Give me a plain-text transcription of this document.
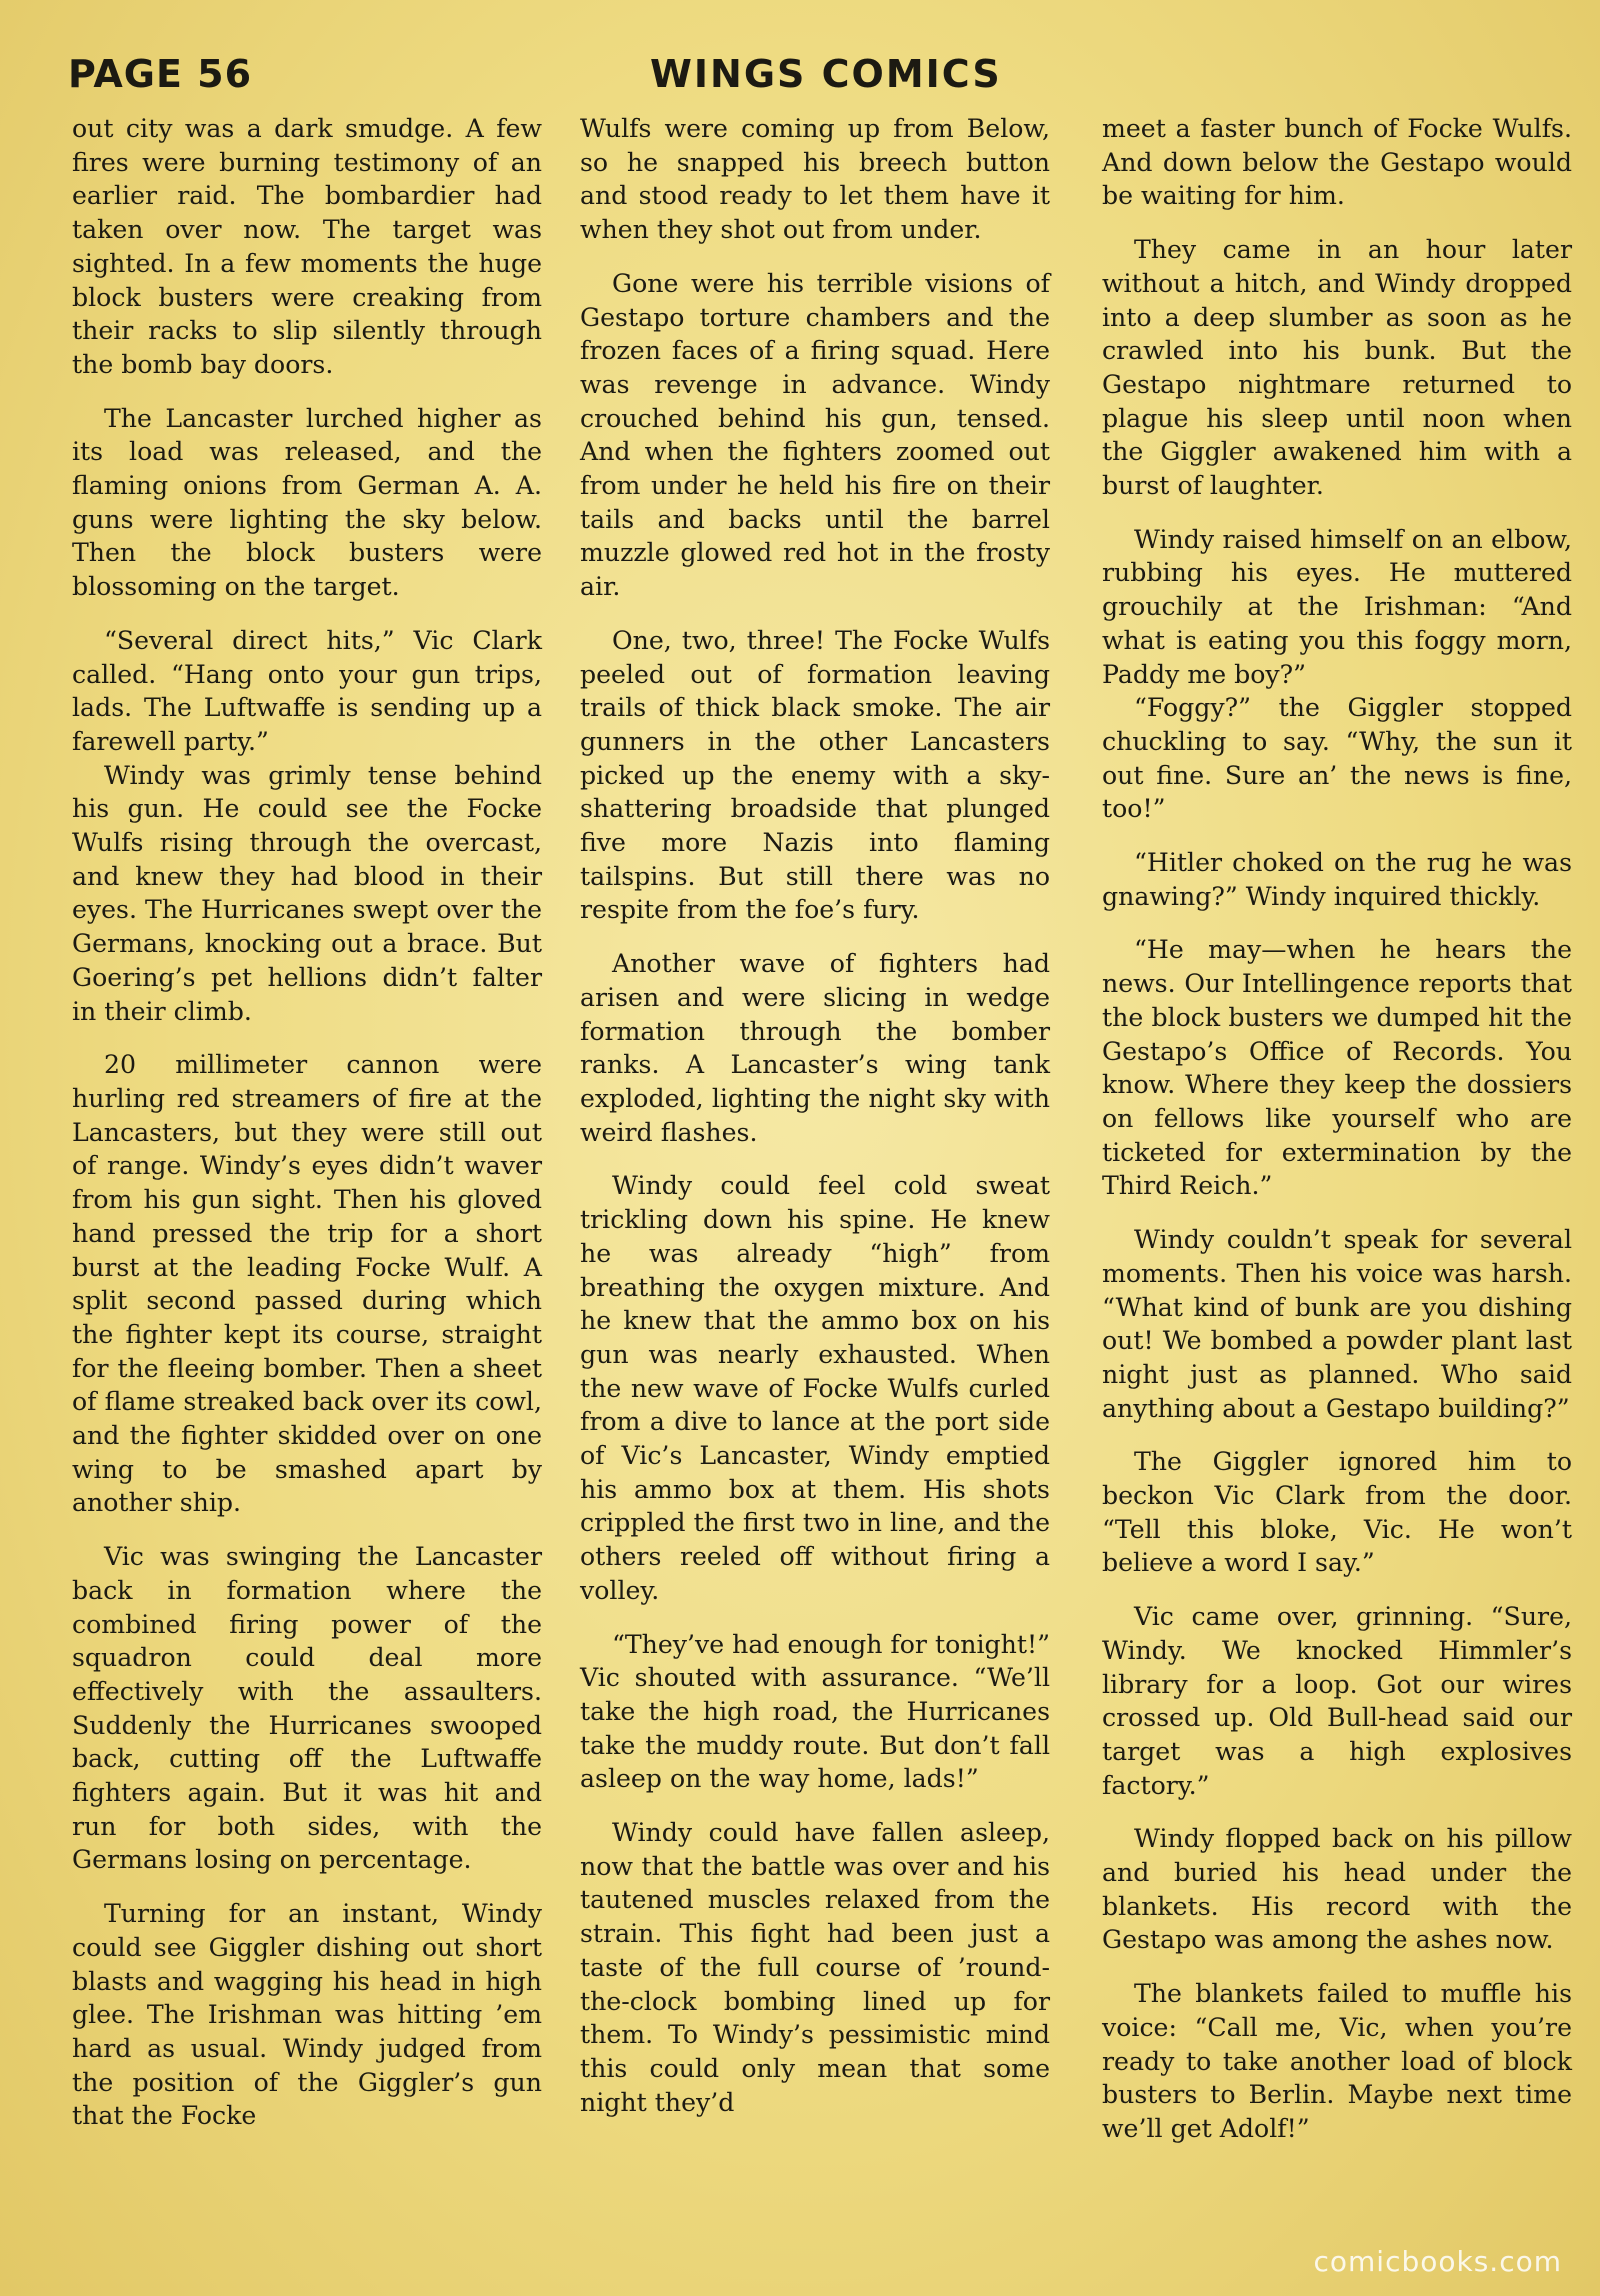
PAGE 56	WINGS COMICS

out city was a dark smudge. A few fires were burning testimony of an earlier raid. The bombardier had taken over now. The target was sighted. In a few moments the huge block busters were creaking from their racks to slip silently through the bomb bay doors.

The Lancaster lurched higher as its load was released, and the flaming onions from German A. A. guns were lighting the sky below. Then the block busters were blossoming on the target.

“Several direct hits,” Vic Clark called. “Hang onto your gun trips, lads. The Luftwaffe is sending up a farewell party.”

Windy was grimly tense behind his gun. He could see the Focke Wulfs rising through the overcast, and knew they had blood in their eyes. The Hurricanes swept over the Germans, knocking out a brace. But Goering’s pet hellions didn’t falter in their climb.

20 millimeter cannon were hurling red streamers of fire at the Lancasters, but they were still out of range. Windy’s eyes didn’t waver from his gun sight. Then his gloved hand pressed the trip for a short burst at the leading Focke Wulf. A split second passed during which the fighter kept its course, straight for the fleeing bomber. Then a sheet of flame streaked back over its cowl, and the fighter skidded over on one wing to be smashed apart by another ship.

Vic was swinging the Lancaster back in formation where the combined firing power of the squadron could deal more effectively with the assaulters. Suddenly the Hurricanes swooped back, cutting off the Luftwaffe fighters again. But it was hit and run for both sides, with the Germans losing on percentage.

Turning for an instant, Windy could see Giggler dishing out short blasts and wagging his head in high glee. The Irishman was hitting ’em hard as usual. Windy judged from the position of the Giggler’s gun that the Focke

Wulfs were coming up from Below, so he snapped his breech button and stood ready to let them have it when they shot out from under.

Gone were his terrible visions of Gestapo torture chambers and the frozen faces of a firing squad. Here was revenge in advance. Windy crouched behind his gun, tensed. And when the fighters zoomed out from under he held his fire on their tails and backs until the barrel muzzle glowed red hot in the frosty air.

One, two, three! The Focke Wulfs peeled out of formation leaving trails of thick black smoke. The air gunners in the other Lancasters picked up the enemy with a sky-shattering broadside that plunged five more Nazis into flaming tailspins. But still there was no respite from the foe’s fury.

Another wave of fighters had arisen and were slicing in wedge formation through the bomber ranks. A Lancaster’s wing tank exploded, lighting the night sky with weird flashes.

Windy could feel cold sweat trickling down his spine. He knew he was already “high” from breathing the oxygen mixture. And he knew that the ammo box on his gun was nearly exhausted. When the new wave of Focke Wulfs curled from a dive to lance at the port side of Vic’s Lancaster, Windy emptied his ammo box at them. His shots crippled the first two in line, and the others reeled off without firing a volley.

“They’ve had enough for tonight!” Vic shouted with assurance. “We’ll take the high road, the Hurricanes take the muddy route. But don’t fall asleep on the way home, lads!”

Windy could have fallen asleep, now that the battle was over and his tautened muscles relaxed from the strain. This fight had been just a taste of the full course of ’round-the-clock bombing lined up for them. To Windy’s pessimistic mind this could only mean that some night they’d

meet a faster bunch of Focke Wulfs. And down below the Gestapo would be waiting for him.

They came in an hour later without a hitch, and Windy dropped into a deep slumber as soon as he crawled into his bunk. But the Gestapo nightmare returned to plague his sleep until noon when the Giggler awakened him with a burst of laughter.

Windy raised himself on an elbow, rubbing his eyes. He muttered grouchily at the Irishman: “And what is eating you this foggy morn, Paddy me boy?”

“Foggy?” the Giggler stopped chuckling to say. “Why, the sun it out fine. Sure an’ the news is fine, too!”

“Hitler choked on the rug he was gnawing?” Windy inquired thickly.

“He may—when he hears the news. Our Intellingence reports that the block busters we dumped hit the Gestapo’s Office of Records. You know. Where they keep the dossiers on fellows like yourself who are ticketed for extermination by the Third Reich.”

Windy couldn’t speak for several moments. Then his voice was harsh. “What kind of bunk are you dishing out! We bombed a powder plant last night just as planned. Who said anything about a Gestapo building?”

The Giggler ignored him to beckon Vic Clark from the door. “Tell this bloke, Vic. He won’t believe a word I say.”

Vic came over, grinning. “Sure, Windy. We knocked Himmler’s library for a loop. Got our wires crossed up. Old Bull-head said our target was a high explosives factory.”

Windy flopped back on his pillow and buried his head under the blankets. His record with the Gestapo was among the ashes now.

The blankets failed to muffle his voice: “Call me, Vic, when you’re ready to take another load of block busters to Berlin. Maybe next time we’ll get Adolf!”

comicbooks.com
